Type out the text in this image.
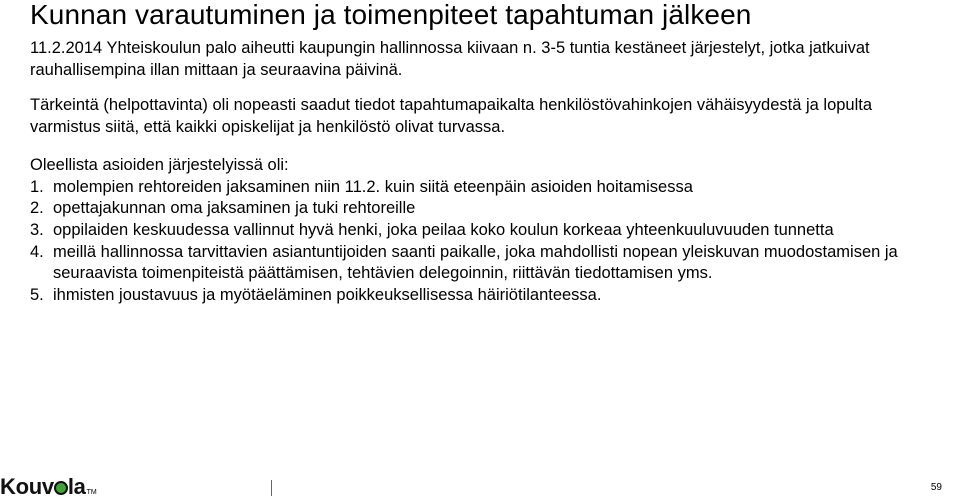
Kunnan varautuminen ja toimenpiteet tapahtuman jälkeen

11.2.2014 Yhteiskoulun palo aiheutti kaupungin hallinnossa kiivaan n. 3-5 tuntia kestäneet järjestelyt, jotka jatkuivat rauhallisempina illan mittaan ja seuraavina päivinä.

Tärkeintä (helpottavinta) oli nopeasti saadut tiedot tapahtumapaikalta henkilöstövahinkojen vähäisyydestä ja lopulta varmistus siitä, että kaikki opiskelijat ja henkilöstö olivat turvassa.

Oleellista asioiden järjestelyissä oli:

1. molempien rehtoreiden jaksaminen niin 11.2. kuin siitä eteenpäin asioiden hoitamisessa
2. opettajakunnan oma jaksaminen ja tuki rehtoreille
3. oppilaiden keskuudessa vallinnut hyvä henki, joka peilaa koko koulun korkeaa yhteenkuuluvuuden tunnetta
4. meillä hallinnossa tarvittavien asiantuntijoiden saanti paikalle, joka mahdollisti nopean yleiskuvan muodostamisen ja seuraavista toimenpiteistä päättämisen, tehtävien delegoinnin, riittävän tiedottamisen yms.
5. ihmisten joustavuus ja myötäeläminen poikkeuksellisessa häiriötilanteessa.
Kouv la TM	59
